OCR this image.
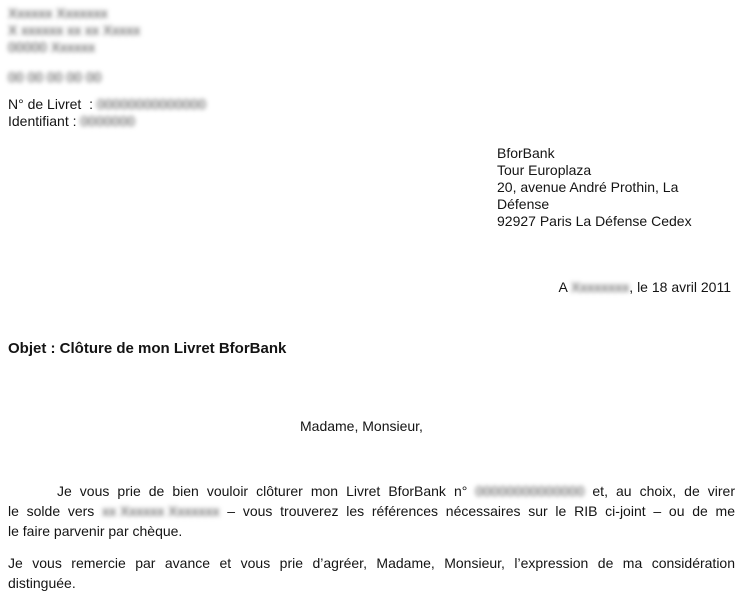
Xxxxxx Xxxxxxx
X xxxxxx xx xx Xxxxx
00000 Xxxxxx
00 00 00 00 00
N° de Livret  : 00000000000000
Identifiant : 0000000
BforBank
Tour Europlaza
20, avenue André Prothin, La
Défense
92927 Paris La Défense Cedex
A Xxxxxxxx, le 18 avril 2011
Objet : Clôture de mon Livret BforBank
Madame, Monsieur,
Je vous prie de bien vouloir clôturer mon Livret BforBank n° 00000000000000 et, au choix, de virer
le solde vers xx Xxxxxx Xxxxxxx – vous trouverez les références nécessaires sur le RIB ci-joint – ou de me
le faire parvenir par chèque.
Je vous remercie par avance et vous prie d’agréer, Madame, Monsieur, l’expression de ma considération
distinguée.
